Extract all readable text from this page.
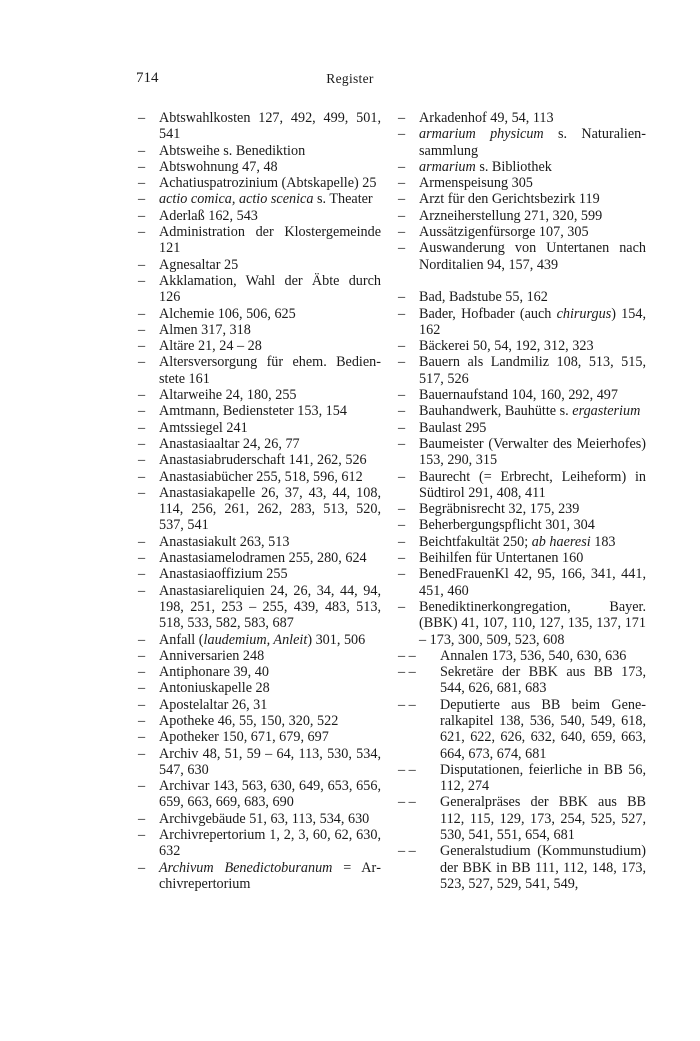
714	Register
– Abtswahlkosten 127, 492, 499, 501, 541
– Abtsweihe s. Benediktion
– Abtswohnung 47, 48
– Achatiuspatrozinium (Abtskapelle) 25
– actio comica, actio scenica s. Theater
– Aderlaß 162, 543
– Administration der Klostergemeinde 121
– Agnesaltar 25
– Akklamation, Wahl der Äbte durch 126
– Alchemie 106, 506, 625
– Almen 317, 318
– Altäre 21, 24 – 28
– Altersversorgung für ehem. Bedienstete 161
– Altarweihe 24, 180, 255
– Amtmann, Bediensteter 153, 154
– Amtssiegel 241
– Anastasiaaltar 24, 26, 77
– Anastasiabruderschaft 141, 262, 526
– Anastasiabücher 255, 518, 596, 612
– Anastasiakapelle 26, 37, 43, 44, 108, 114, 256, 261, 262, 283, 513, 520, 537, 541
– Anastasiakult 263, 513
– Anastasiamelodramen 255, 280, 624
– Anastasiaoffizium 255
– Anastasiareliquien 24, 26, 34, 44, 94, 198, 251, 253 – 255, 439, 483, 513, 518, 533, 582, 583, 687
– Anfall (laudemium, Anleit) 301, 506
– Anniversarien 248
– Antiphonare 39, 40
– Antoniuskapelle 28
– Apostelaltar 26, 31
– Apotheke 46, 55, 150, 320, 522
– Apotheker 150, 671, 679, 697
– Archiv 48, 51, 59 – 64, 113, 530, 534, 547, 630
– Archivar 143, 563, 630, 649, 653, 656, 659, 663, 669, 683, 690
– Archivgebäude 51, 63, 113, 534, 630
– Archivrepertorium 1, 2, 3, 60, 62, 630, 632
– Archivum Benedictoburanum = Archivrepertorium
– Arkadenhof 49, 54, 113
– armarium physicum s. Naturaliensammlung
– armarium s. Bibliothek
– Armenspeisung 305
– Arzt für den Gerichtsbezirk 119
– Arzneiherstellung 271, 320, 599
– Aussätzigenfürsorge 107, 305
– Auswanderung von Untertanen nach Norditalien 94, 157, 439
– Bad, Badstube 55, 162
– Bader, Hofbader (auch chirurgus) 154, 162
– Bäckerei 50, 54, 192, 312, 323
– Bauern als Landmiliz 108, 513, 515, 517, 526
– Bauernaufstand 104, 160, 292, 497
– Bauhandwerk, Bauhütte s. ergasterium
– Baulast 295
– Baumeister (Verwalter des Meierhofes) 153, 290, 315
– Baurecht (= Erbrecht, Leiheform) in Südtirol 291, 408, 411
– Begräbnisrecht 32, 175, 239
– Beherbergungspflicht 301, 304
– Beichtfakultät 250; ab haeresi 183
– Beihilfen für Untertanen 160
– BenedFrauenKl 42, 95, 166, 341, 441, 451, 460
– Benediktinerkongregation, Bayer. (BBK) 41, 107, 110, 127, 135, 137, 171 – 173, 300, 509, 523, 608
– – Annalen 173, 536, 540, 630, 636
– – Sekretäre der BBK aus BB 173, 544, 626, 681, 683
– – Deputierte aus BB beim Generalkapitel 138, 536, 540, 549, 618, 621, 622, 626, 632, 640, 659, 663, 664, 673, 674, 681
– – Disputationen, feierliche in BB 56, 112, 274
– – Generalpräses der BBK aus BB 112, 115, 129, 173, 254, 525, 527, 530, 541, 551, 654, 681
– – Generalstudium (Kommunstudium) der BBK in BB 111, 112, 148, 173, 523, 527, 529, 541, 549,
